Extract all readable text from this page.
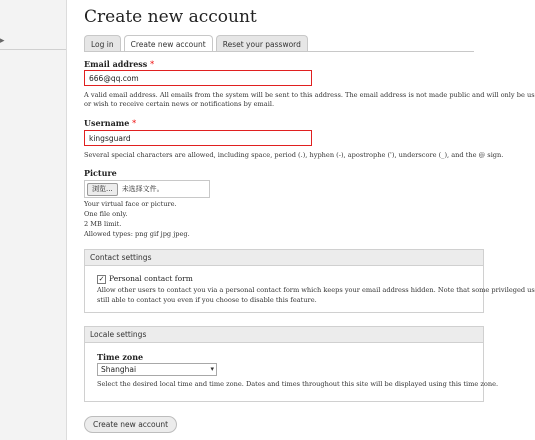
▸
Create new account
Log in	Create new account	Reset your password
Email address *
666@qq.com
A valid email address. All emails from the system will be sent to this address. The email address is not made public and will only be us
or wish to receive certain news or notifications by email.
Username *
kingsguard
Several special characters are allowed, including space, period (.), hyphen (-), apostrophe ('), underscore (_), and the @ sign.
Picture
浏览...	未选择文件。
Your virtual face or picture.
One file only.
2 MB limit.
Allowed types: png gif jpg jpeg.
Contact settings
✓ Personal contact form
Allow other users to contact you via a personal contact form which keeps your email address hidden. Note that some privileged us
still able to contact you even if you choose to disable this feature.
Locale settings
Time zone
Shanghai	▾
Select the desired local time and time zone. Dates and times throughout this site will be displayed using this time zone.
Create new account
